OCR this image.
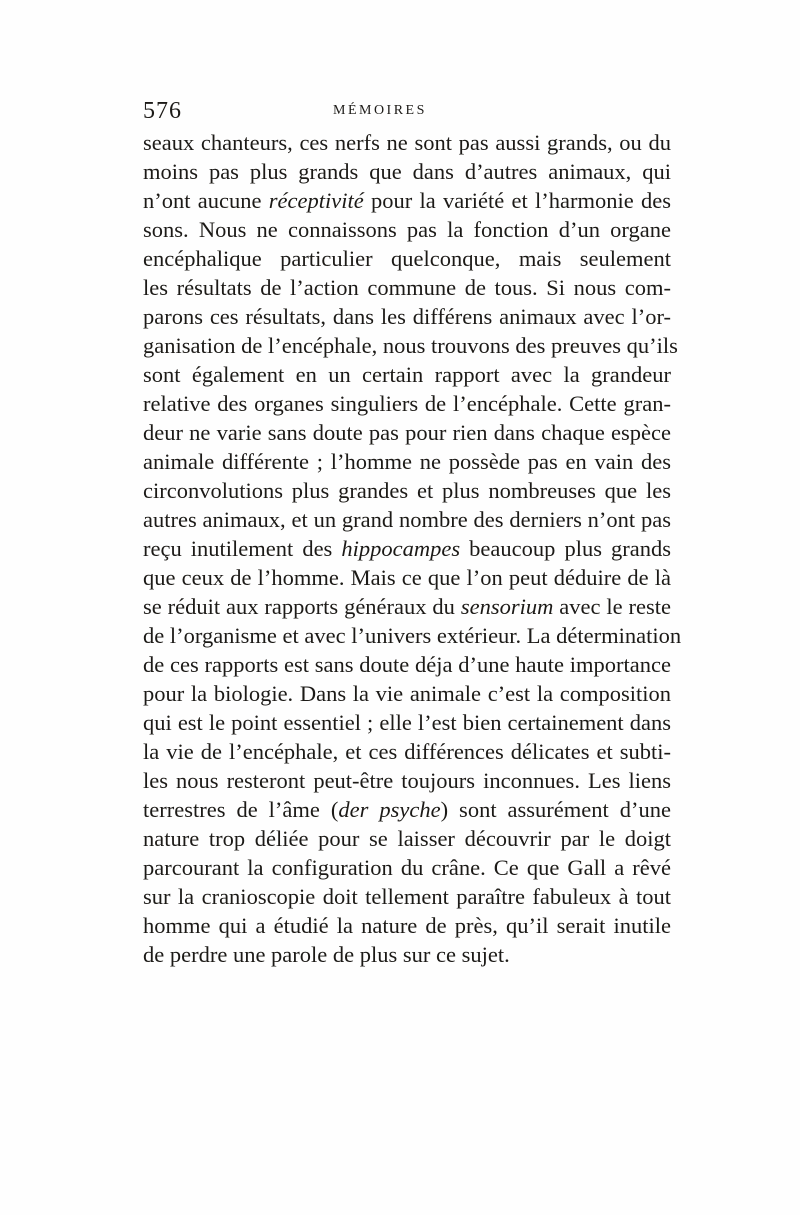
576	MÉMOIRES
seaux chanteurs, ces nerfs ne sont pas aussi grands, ou du
moins pas plus grands que dans d’autres animaux, qui
n’ont aucune réceptivité pour la variété et l’harmonie des
sons. Nous ne connaissons pas la fonction d’un organe
encéphalique particulier quelconque, mais seulement
les résultats de l’action commune de tous. Si nous com-
parons ces résultats, dans les différens animaux avec l’or-
ganisation de l’encéphale, nous trouvons des preuves qu’ils
sont également en un certain rapport avec la grandeur
relative des organes singuliers de l’encéphale. Cette gran-
deur ne varie sans doute pas pour rien dans chaque espèce
animale différente ; l’homme ne possède pas en vain des
circonvolutions plus grandes et plus nombreuses que les
autres animaux, et un grand nombre des derniers n’ont pas
reçu inutilement des hippocampes beaucoup plus grands
que ceux de l’homme. Mais ce que l’on peut déduire de là
se réduit aux rapports généraux du sensorium avec le reste
de l’organisme et avec l’univers extérieur. La détermination
de ces rapports est sans doute déja d’une haute importance
pour la biologie. Dans la vie animale c’est la composition
qui est le point essentiel ; elle l’est bien certainement dans
la vie de l’encéphale, et ces différences délicates et subti-
les nous resteront peut-être toujours inconnues. Les liens
terrestres de l’âme (der psyche) sont assurément d’une
nature trop déliée pour se laisser découvrir par le doigt
parcourant la configuration du crâne. Ce que Gall a rêvé
sur la cranioscopie doit tellement paraître fabuleux à tout
homme qui a étudié la nature de près, qu’il serait inutile
de perdre une parole de plus sur ce sujet.
